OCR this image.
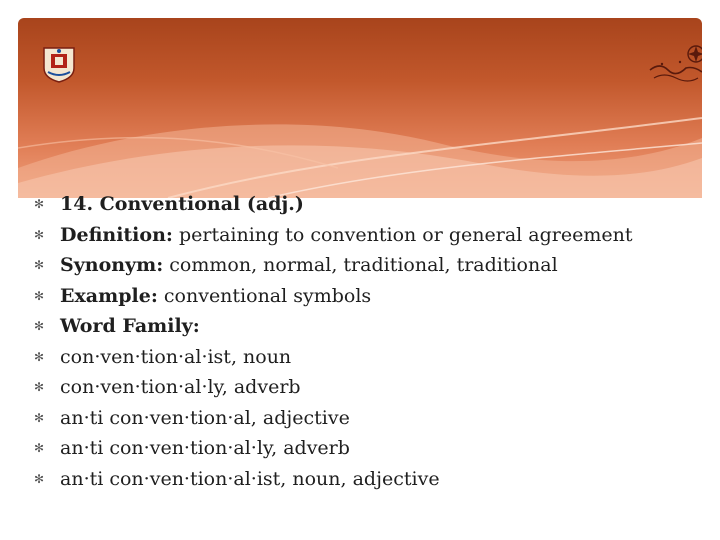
✻ 14. Conventional (adj.)
✻ Definition:
pertaining to convention or general agreement
✻ Synonym:
common, normal, traditional, traditional
✻ Example:
conventional symbols
✻ Word Family:
✻ con·ven·tion·al·ist, noun
✻ con·ven·tion·al·ly, adverb
✻ an·ti con·ven·tion·al, adjective
✻ an·ti con·ven·tion·al·ly, adverb
✻ an·ti con·ven·tion·al·ist, noun, adjective
